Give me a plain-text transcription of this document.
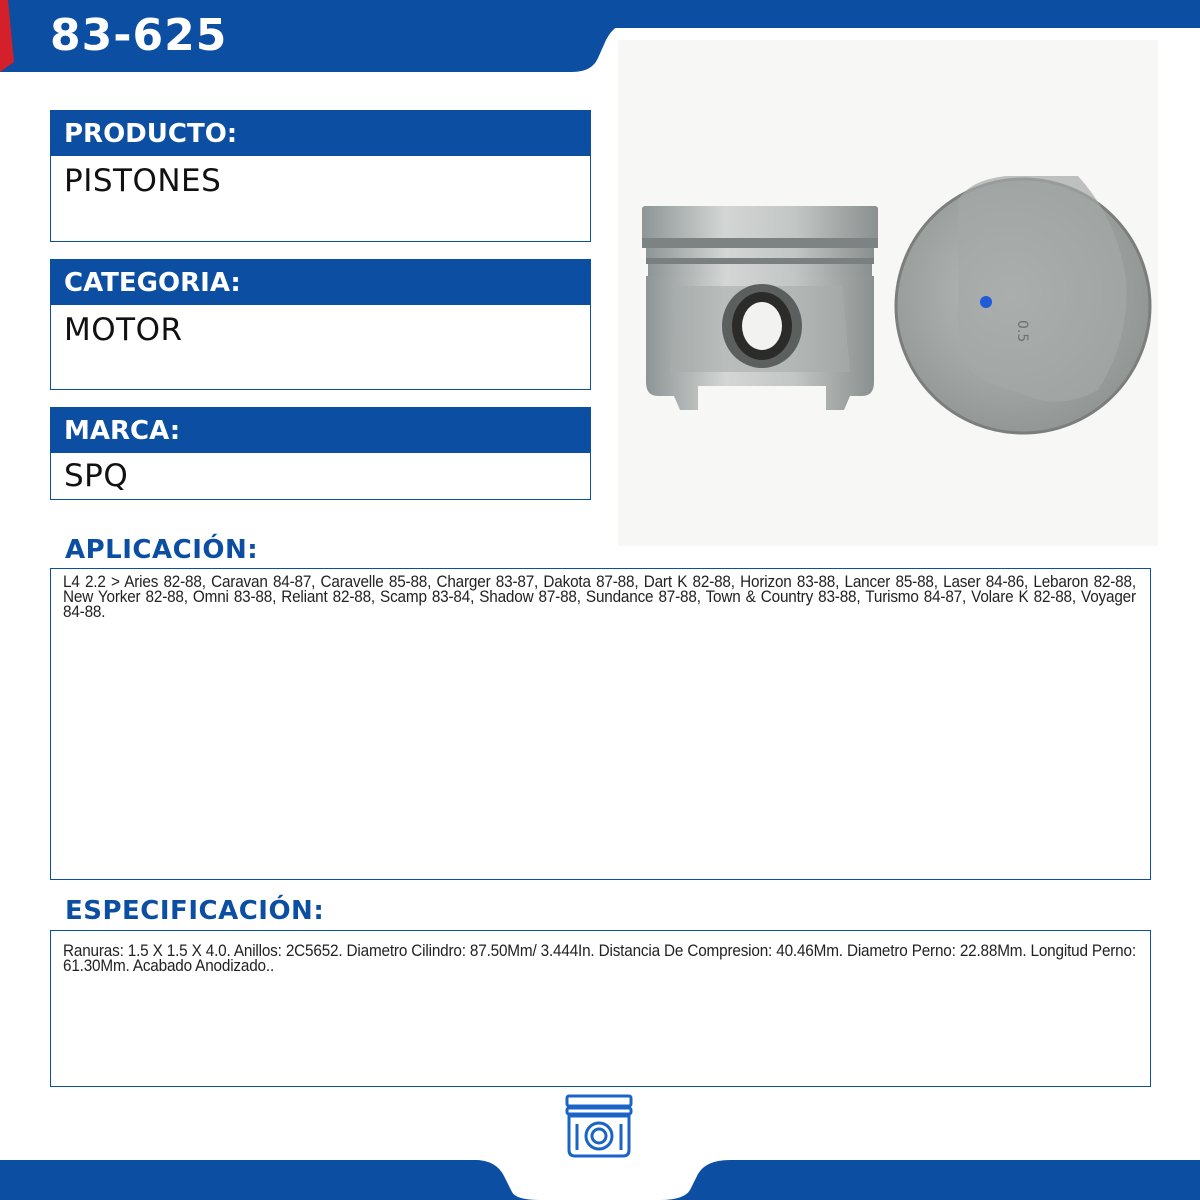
83-625
PISTONES
PRODUCTO:
MOTOR
CATEGORIA:
SPQ
MARCA:
0.5
APLICACIÓN:

L4 2.2 > Aries 82-88, Caravan 84-87, Caravelle 85-88, Charger 83-87, Dakota 87-88, Dart K 82-88, Horizon 83-88, Lancer 85-88, Laser 84-86, Lebaron 82-88, New Yorker 82-88, Omni 83-88, Reliant 82-88, Scamp 83-84, Shadow 87-88, Sundance 87-88, Town & Country 83-88, Turismo 84-87, Volare K 82-88, Voyager 84-88.

ESPECIFICACIÓN:

Ranuras: 1.5 X 1.5 X 4.0. Anillos: 2C5652. Diametro Cilindro: 87.50Mm/ 3.444In. Distancia De Compresion: 40.46Mm. Diametro Perno: 22.88Mm. Longitud Perno: 61.30Mm. Acabado Anodizado..

MOTOR
